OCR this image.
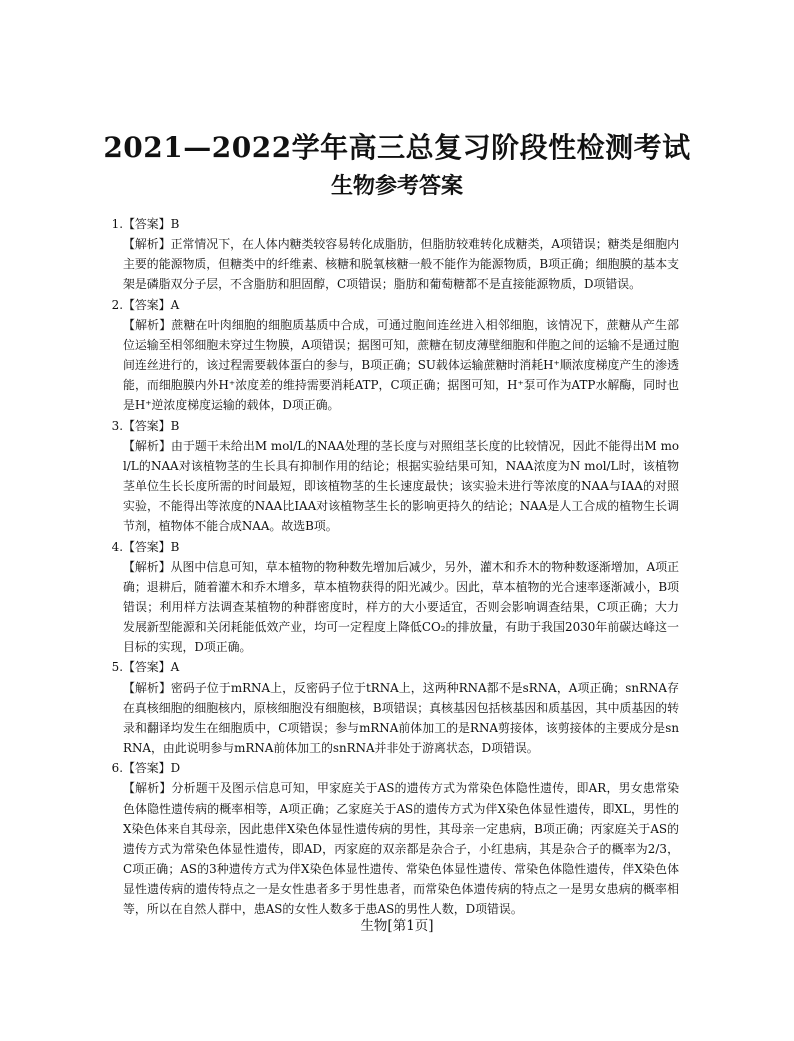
2021—2022学年高三总复习阶段性检测考试
生物参考答案
1. 【答案】B
【解析】正常情况下，在人体内糖类较容易转化成脂肪，但脂肪较难转化成糖类，A项错误；糖类是细胞内主要的能源物质，但糖类中的纤维素、核糖和脱氧核糖一般不能作为能源物质，B项正确；细胞膜的基本支架是磷脂双分子层，不含脂肪和胆固醇，C项错误；脂肪和葡萄糖都不是直接能源物质，D项错误。
2. 【答案】A
【解析】蔗糖在叶肉细胞的细胞质基质中合成，可通过胞间连丝进入相邻细胞，该情况下，蔗糖从产生部位运输至相邻细胞未穿过生物膜，A项错误；据图可知，蔗糖在韧皮薄壁细胞和伴胞之间的运输不是通过胞间连丝进行的，该过程需要载体蛋白的参与，B项正确；SU载体运输蔗糖时消耗H⁺顺浓度梯度产生的渗透能，而细胞膜内外H⁺浓度差的维持需要消耗ATP，C项正确；据图可知，H⁺泵可作为ATP水解酶，同时也是H⁺逆浓度梯度运输的载体，D项正确。
3. 【答案】B
【解析】由于题干未给出M mol/L的NAA处理的茎长度与对照组茎长度的比较情况，因此不能得出M mol/L的NAA对该植物茎的生长具有抑制作用的结论；根据实验结果可知，NAA浓度为N mol/L时，该植物茎单位生长长度所需的时间最短，即该植物茎的生长速度最快；该实验未进行等浓度的NAA与IAA的对照实验，不能得出等浓度的NAA比IAA对该植物茎生长的影响更持久的结论；NAA是人工合成的植物生长调节剂，植物体不能合成NAA。故选B项。
4. 【答案】B
【解析】从图中信息可知，草本植物的物种数先增加后减少，另外，灌木和乔木的物种数逐渐增加，A项正确；退耕后，随着灌木和乔木增多，草本植物获得的阳光减少。因此，草本植物的光合速率逐渐减小，B项错误；利用样方法调查某植物的种群密度时，样方的大小要适宜，否则会影响调查结果，C项正确；大力发展新型能源和关闭耗能低效产业，均可一定程度上降低CO₂的排放量，有助于我国2030年前碳达峰这一目标的实现，D项正确。
5. 【答案】A
【解析】密码子位于mRNA上，反密码子位于tRNA上，这两种RNA都不是sRNA，A项正确；snRNA存在真核细胞的细胞核内，原核细胞没有细胞核，B项错误；真核基因包括核基因和质基因，其中质基因的转录和翻译均发生在细胞质中，C项错误；参与mRNA前体加工的是RNA剪接体，该剪接体的主要成分是snRNA，由此说明参与mRNA前体加工的snRNA并非处于游离状态，D项错误。
6. 【答案】D
【解析】分析题干及图示信息可知，甲家庭关于AS的遗传方式为常染色体隐性遗传，即AR，男女患常染色体隐性遗传病的概率相等，A项正确；乙家庭关于AS的遗传方式为伴X染色体显性遗传，即XL，男性的X染色体来自其母亲，因此患伴X染色体显性遗传病的男性，其母亲一定患病，B项正确；丙家庭关于AS的遗传方式为常染色体显性遗传，即AD，丙家庭的双亲都是杂合子，小红患病，其是杂合子的概率为2/3，C项正确；AS的3种遗传方式为伴X染色体显性遗传、常染色体显性遗传、常染色体隐性遗传，伴X染色体显性遗传病的遗传特点之一是女性患者多于男性患者，而常染色体遗传病的特点之一是男女患病的概率相等，所以在自然人群中，患AS的女性人数多于患AS的男性人数，D项错误。
生物[第1页]
